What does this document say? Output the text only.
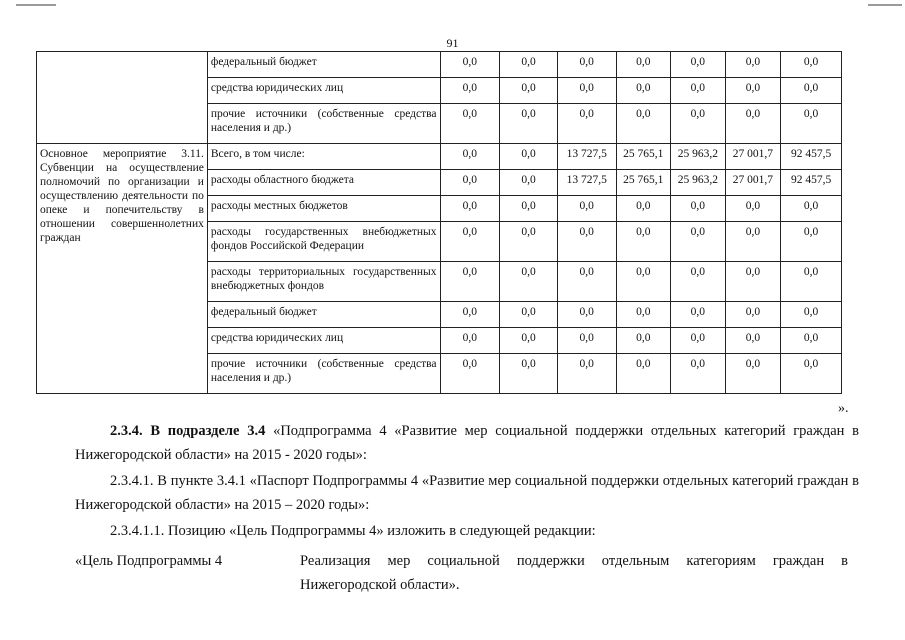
91
	федеральный бюджет	0,0	0,0	0,0	0,0	0,0	0,0	0,0
	средства юридических лиц	0,0	0,0	0,0	0,0	0,0	0,0	0,0
	прочие источники (собственные средства населения и др.)	0,0	0,0	0,0	0,0	0,0	0,0	0,0
Основное мероприятие 3.11. Субвенции на осуществление полномочий по организации и осуществлению деятельности по опеке и попечительству в отношении совершеннолетних граждан	Всего, в том числе:	0,0	0,0	13 727,5	25 765,1	25 963,2	27 001,7	92 457,5
	расходы областного бюджета	0,0	0,0	13 727,5	25 765,1	25 963,2	27 001,7	92 457,5
	расходы местных бюджетов	0,0	0,0	0,0	0,0	0,0	0,0	0,0
	расходы государственных внебюджетных фондов Российской Федерации	0,0	0,0	0,0	0,0	0,0	0,0	0,0
	расходы территориальных государственных внебюджетных фондов	0,0	0,0	0,0	0,0	0,0	0,0	0,0
	федеральный бюджет	0,0	0,0	0,0	0,0	0,0	0,0	0,0
	средства юридических лиц	0,0	0,0	0,0	0,0	0,0	0,0	0,0
	прочие источники (собственные средства населения и др.)	0,0	0,0	0,0	0,0	0,0	0,0	0,0
».

2.3.4. В подразделе 3.4 «Подпрограмма 4 «Развитие мер социальной поддержки отдельных категорий граждан в Нижегородской области» на 2015 - 2020 годы»:

2.3.4.1. В пункте 3.4.1 «Паспорт Подпрограммы 4 «Развитие мер социальной поддержки отдельных категорий граждан в Нижегородской области» на 2015 – 2020 годы»:

2.3.4.1.1. Позицию «Цель Подпрограммы 4» изложить в следующей редакции:

«Цель Подпрограммы 4	Реализация мер социальной поддержки отдельным категориям граждан в Нижегородской области».
